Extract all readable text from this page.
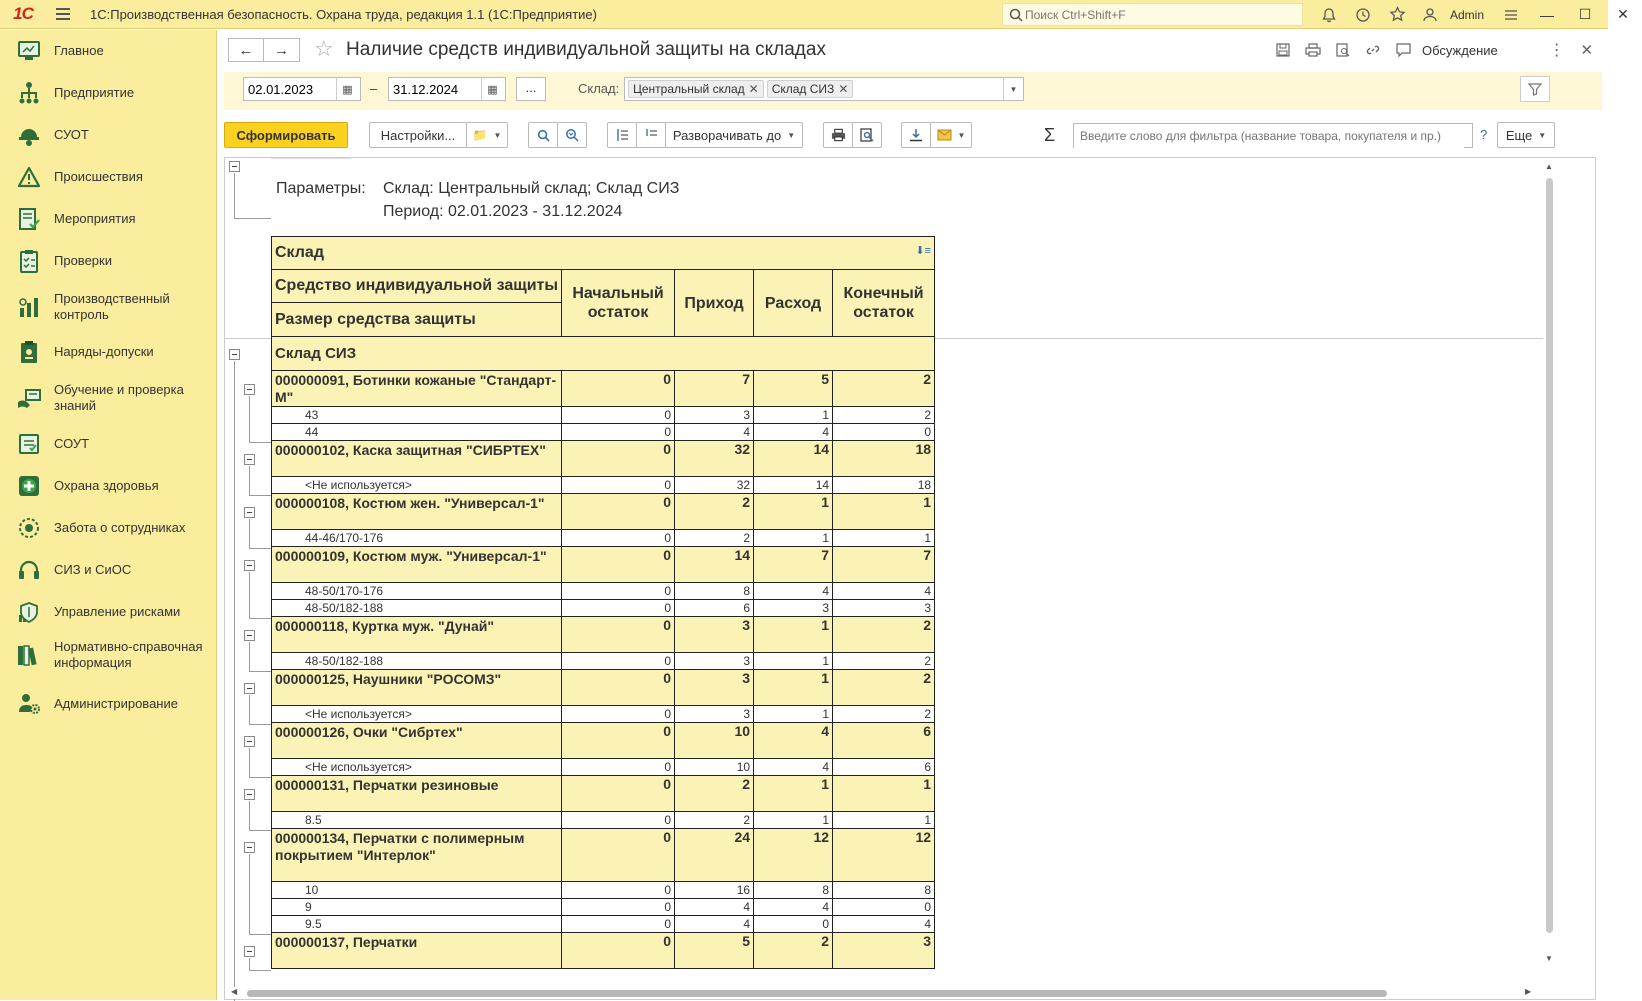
1С	1С:Производственная безопасность. Охрана труда, редакция 1.1 (1С:Предприятие)
Поиск Ctrl+Shift+F	Admin	—	☐	✕
Главное
Предприятие
СУОТ
Происшествия
Мероприятия
Проверки
Производственный контроль
Наряды-допуски
Обучение и проверка знаний
СОУТ
Охрана здоровья
Забота о сотрудниках
СИЗ и СиОС
Управление рисками
Нормативно-справочная информация
Администрирование
← → ☆ Наличие средств индивидуальной защиты на складах	Обсуждение	⋮	✕
02.01.2023
▦	–
31.12.2024	▦	...	Склад: Центральный склад ✕ Склад СИЗ ✕	▼
Сформировать	Настройки...	📁 ▼	Разворачивать до ▼	▼	Σ
Введите слово для фильтра (название товара, покупателя и пр.)	? Еще ▼
Параметры: Склад: Центральный склад; Склад СИЗ
Период: 02.01.2023 - 31.12.2024
Склад ⬇≡				

Средство индивидуальной защиты	Начальный остаток	Приход	Расход	Конечный остаток
Размер средства защиты				
Склад СИЗ				
000000091, Ботинки кожаные "Стандарт-М"	0	7	5	2
43	0	3	1	2
44	0	4	4	0
000000102, Каска защитная "СИБРТЕХ"	0	32	14	18
<Не используется>	0	32	14	18
000000108, Костюм жен. "Универсал-1"	0	2	1	1
44-46/170-176	0	2	1	1
000000109, Костюм муж. "Универсал-1"	0	14	7	7
48-50/170-176	0	8	4	4
48-50/182-188	0	6	3	3
000000118, Куртка муж. "Дунай"	0	3	1	2
48-50/182-188	0	3	1	2
000000125, Наушники "РОСОМЗ"	0	3	1	2
<Не используется>	0	3	1	2
000000126, Очки "Сибртех"	0	10	4	6
<Не используется>	0	10	4	6
000000131, Перчатки резиновые	0	2	1	1
8.5	0	2	1	1
000000134, Перчатки с полимерным покрытием "Интерлок"	0	24	12	12
10	0	16	8	8
9	0	4	4	0
9.5	0	4	0	4
000000137, Перчатки	0	5	2	3
▲
▼
◀	▶
